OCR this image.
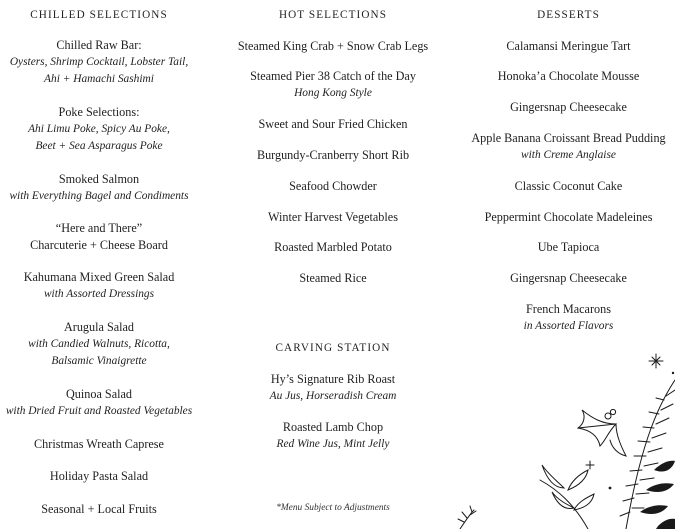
CHILLED SELECTIONS
Chilled Raw Bar:
Oysters, Shrimp Cocktail, Lobster Tail,
Ahi + Hamachi Sashimi
Poke Selections:
Ahi Limu Poke, Spicy Au Poke,
Beet + Sea Asparagus Poke
Smoked Salmon
with Everything Bagel and Condiments
“Here and There”
Charcuterie + Cheese Board
Kahumana Mixed Green Salad
with Assorted Dressings
Arugula Salad
with Candied Walnuts, Ricotta,
Balsamic Vinaigrette
Quinoa Salad
with Dried Fruit and Roasted Vegetables
Christmas Wreath Caprese
Holiday Pasta Salad
Seasonal + Local Fruits
HOT SELECTIONS
Steamed King Crab + Snow Crab Legs
Steamed Pier 38 Catch of the Day
Hong Kong Style
Sweet and Sour Fried Chicken
Burgundy-Cranberry Short Rib
Seafood Chowder
Winter Harvest Vegetables
Roasted Marbled Potato
Steamed Rice
CARVING STATION
Hy’s Signature Rib Roast
Au Jus, Horseradish Cream
Roasted Lamb Chop
Red Wine Jus, Mint Jelly
*Menu Subject to Adjustments
DESSERTS
Calamansi Meringue Tart
Honoka’a Chocolate Mousse
Gingersnap Cheesecake
Apple Banana Croissant Bread Pudding
with Creme Anglaise
Classic Coconut Cake
Peppermint Chocolate Madeleines
Ube Tapioca
Gingersnap Cheesecake
French Macarons
in Assorted Flavors
